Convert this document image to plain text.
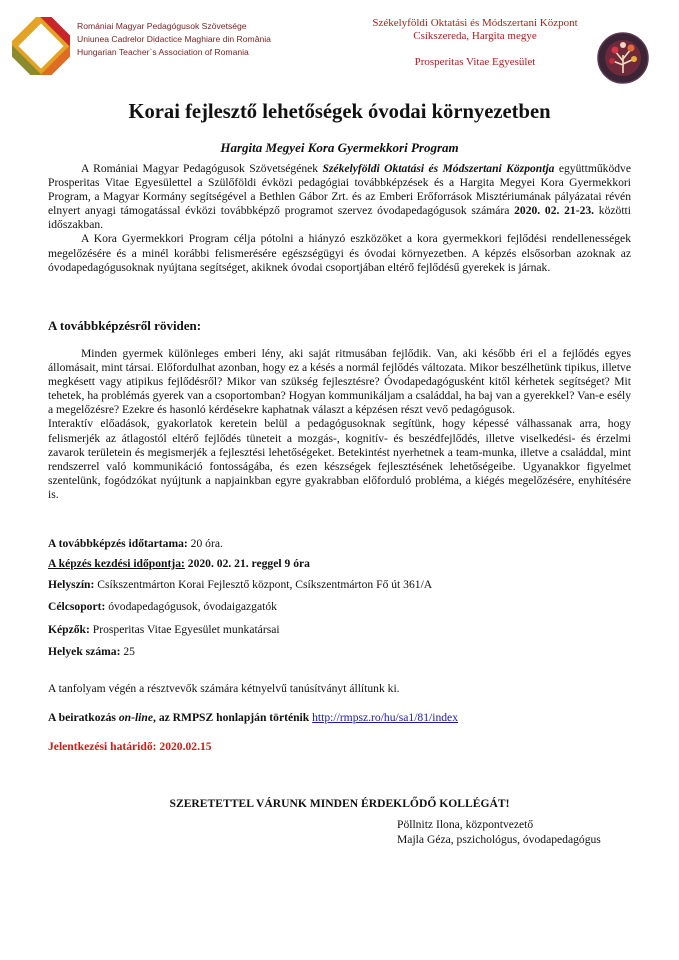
Romániai Magyar Pedagógusok Szövetsége
Uniunea Cadrelor Didactice Maghiare din România
Hungarian Teacher`s Association of Romania
Székelyföldi Oktatási és Módszertani Központ
Csíkszereda, Hargita megye
Prosperitas Vitae Egyesület
Korai fejlesztő lehetőségek óvodai környezetben
Hargita Megyei Kora Gyermekkori Program

A Romániai Magyar Pedagógusok Szövetségének Székelyföldi Oktatási és Módszertani Központja együttműködve Prosperitas Vitae Egyesülettel a Szülőföldi évközi pedagógiai továbbképzések és a Hargita Megyei Kora Gyermekkori Program, a Magyar Kormány segítségével a Bethlen Gábor Zrt. és az Emberi Erőforrások Misztériumának pályázatai révén elnyert anyagi támogatással évközi továbbképző programot szervez óvodapedagógusok számára 2020. 02. 21-23. közötti időszakban.

A Kora Gyermekkori Program célja pótolni a hiányzó eszközöket a kora gyermekkori fejlődési rendellenességek megelőzésére és a minél korábbi felismerésére egészségügyi és óvodai környezetben. A képzés elsősorban azoknak az óvodapedagógusoknak nyújtana segítséget, akiknek óvodai csoportjában eltérő fejlődésű gyerekek is járnak.

A továbbképzésről röviden:

Minden gyermek különleges emberi lény, aki saját ritmusában fejlődik. Van, aki később éri el a fejlődés egyes állomásait, mint társai. Előfordulhat azonban, hogy ez a késés a normál fejlődés változata. Mikor beszélhetünk tipikus, illetve megkésett vagy atipikus fejlődésről? Mikor van szükség fejlesztésre? Óvodapedagógusként kitől kérhetek segítséget? Mit tehetek, ha problémás gyerek van a csoportomban? Hogyan kommunikáljam a családdal, ha baj van a gyerekkel? Van-e esély a megelőzésre? Ezekre és hasonló kérdésekre kaphatnak választ a képzésen részt vevő pedagógusok.

Interaktív előadások, gyakorlatok keretein belül a pedagógusoknak segítünk, hogy képessé válhassanak arra, hogy felismerjék az átlagostól eltérő fejlődés tüneteit a mozgás-, kognitív- és beszédfejlődés, illetve viselkedési- és érzelmi zavarok területein és megismerjék a fejlesztési lehetőségeket. Betekintést nyerhetnek a team-munka, illetve a családdal, mint rendszerrel való kommunikáció fontosságába, és ezen készségek fejlesztésének lehetőségeibe. Ugyanakkor figyelmet szentelünk, fogódzókat nyújtunk a napjainkban egyre gyakrabban előforduló probléma, a kiégés megelőzésére, enyhítésére is.

A továbbképzés időtartama: 20 óra.
A képzés kezdési időpontja: 2020. 02. 21. reggel 9 óra
Helyszín: Csíkszentmárton Korai Fejlesztő központ, Csíkszentmárton Fő út 361/A
Célcsoport: óvodapedagógusok, óvodaigazgatók
Képzők: Prosperitas Vitae Egyesület munkatársai
Helyek száma: 25
A tanfolyam végén a résztvevők számára kétnyelvű tanúsítványt állítunk ki.
A beiratkozás on-line, az RMPSZ honlapján történik http://rmpsz.ro/hu/sa1/81/index
Jelentkezési határidő: 2020.02.15
SZERETETTEL VÁRUNK MINDEN ÉRDEKLŐDŐ KOLLÉGÁT!
Pöllnitz Ilona, központvezető
Majla Géza, pszichológus, óvodapedagógus
